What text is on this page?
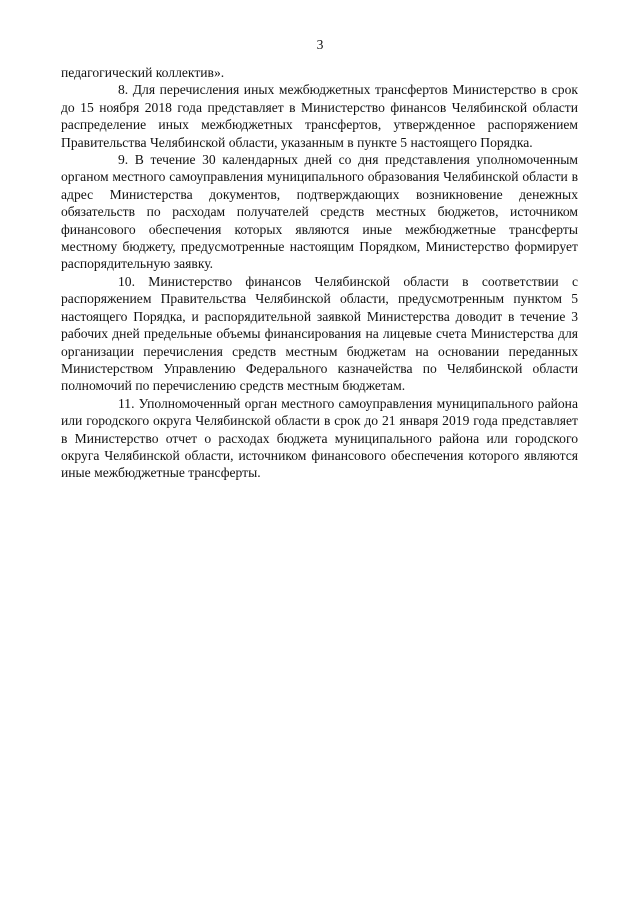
3

педагогический коллектив».

8. Для перечисления иных межбюджетных трансфертов Министерство в срок до 15 ноября 2018 года представляет в Министерство финансов Челябинской области распределение иных межбюджетных трансфертов, утвержденное распоряжением Правительства Челябинской области, указанным в пункте 5 настоящего Порядка.

9. В течение 30 календарных дней со дня представления уполномоченным органом местного самоуправления муниципального образования Челябинской области в адрес Министерства документов, подтверждающих возникновение денежных обязательств по расходам получателей средств местных бюджетов, источником финансового обеспечения которых являются иные межбюджетные трансферты местному бюджету, предусмотренные настоящим Порядком, Министерство формирует распорядительную заявку.

10. Министерство финансов Челябинской области в соответствии с распоряжением Правительства Челябинской области, предусмотренным пунктом 5 настоящего Порядка, и распорядительной заявкой Министерства доводит в течение 3 рабочих дней предельные объемы финансирования на лицевые счета Министерства для организации перечисления средств местным бюджетам на основании переданных Министерством Управлению Федерального казначейства по Челябинской области полномочий по перечислению средств местным бюджетам.

11. Уполномоченный орган местного самоуправления муниципального района или городского округа Челябинской области в срок до 21 января 2019 года представляет в Министерство отчет о расходах бюджета муниципального района или городского округа Челябинской области, источником финансового обеспечения которого являются иные межбюджетные трансферты.
